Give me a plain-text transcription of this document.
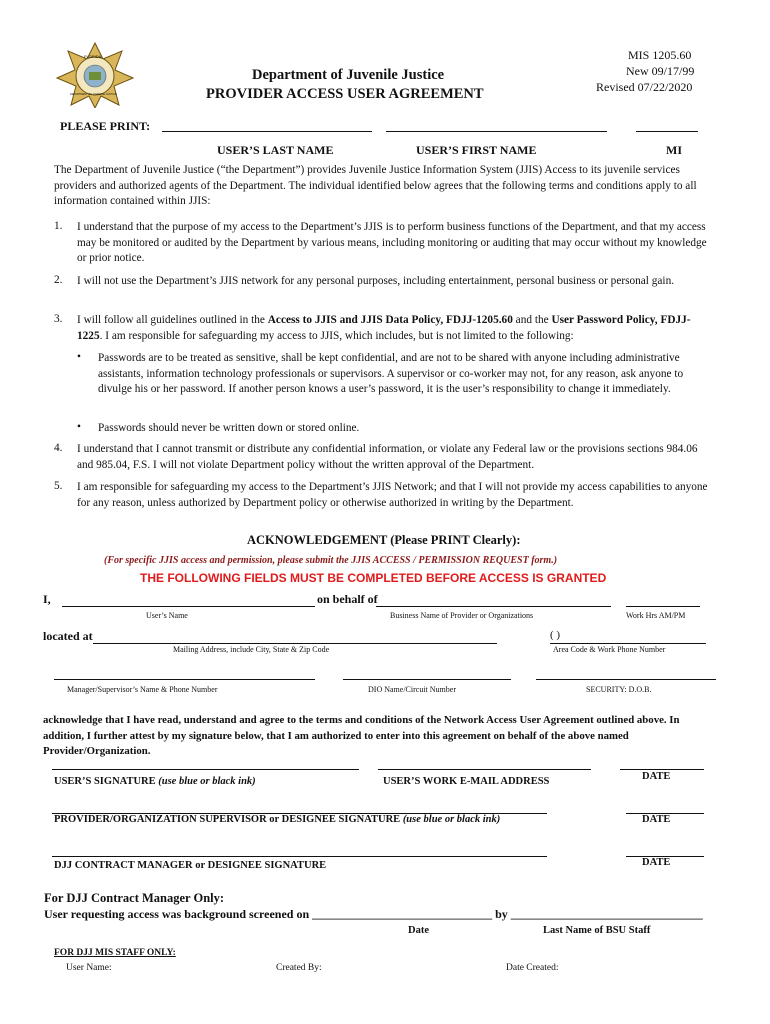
FLORIDA
DEPARTMENT OF JUVENILE JUSTICE
Department of Juvenile Justice
PROVIDER ACCESS USER AGREEMENT
MIS 1205.60
New 09/17/99
Revised 07/22/2020
PLEASE PRINT:
USER’S LAST NAME	USER’S FIRST NAME	MI
The Department of Juvenile Justice (“the Department”) provides Juvenile Justice Information System (JJIS) Access to its juvenile services providers and authorized agents of the Department. The individual identified below agrees that the following terms and conditions apply to all information contained within JJIS:
1. I understand that the purpose of my access to the Department’s JJIS is to perform business functions of the Department, and that my access may be monitored or audited by the Department by various means, including monitoring or auditing that may occur without my knowledge or prior notice.
2. I will not use the Department’s JJIS network for any personal purposes, including entertainment, personal business or personal gain.
3. I will follow all guidelines outlined in the Access to JJIS and JJIS Data Policy, FDJJ-1205.60 and the User Password Policy, FDJJ-1225. I am responsible for safeguarding my access to JJIS, which includes, but is not limited to the following:
• Passwords are to be treated as sensitive, shall be kept confidential, and are not to be shared with anyone including administrative assistants, information technology professionals or supervisors. A supervisor or co-worker may not, for any reason, ask anyone to divulge his or her password. If another person knows a user’s password, it is the user’s responsibility to change it immediately.
• Passwords should never be written down or stored online.
4. I understand that I cannot transmit or distribute any confidential information, or violate any Federal law or the provisions sections 984.06 and 985.04, F.S. I will not violate Department policy without the written approval of the Department.
5. I am responsible for safeguarding my access to the Department’s JJIS Network; and that I will not provide my access capabilities to anyone for any reason, unless authorized by Department policy or otherwise authorized in writing by the Department.
ACKNOWLEDGEMENT (Please PRINT Clearly):
(For specific JJIS access and permission, please submit the JJIS ACCESS / PERMISSION REQUEST form.)
THE FOLLOWING FIELDS MUST BE COMPLETED BEFORE ACCESS IS GRANTED
I,	on behalf of
User’s Name	Business Name of Provider or Organizations	Work Hrs AM/PM
located at	( )
Mailing Address, include City, State & Zip Code	Area Code & Work Phone Number
Manager/Supervisor’s Name & Phone Number	DIO Name/Circuit Number	SECURITY: D.O.B.
acknowledge that I have read, understand and agree to the terms and conditions of the Network Access User Agreement outlined above. In addition, I further attest by my signature below, that I am authorized to enter into this agreement on behalf of the above named Provider/Organization.
USER’S SIGNATURE (use blue or black ink)	USER’S WORK E-MAIL ADDRESS	DATE
PROVIDER/ORGANIZATION SUPERVISOR or DESIGNEE SIGNATURE (use blue or black ink)	DATE
DJJ CONTRACT MANAGER or DESIGNEE SIGNATURE	DATE
For DJJ Contract Manager Only:
User requesting access was background screened on ______________________________ by ________________________________
Date	Last Name of BSU Staff
FOR DJJ MIS STAFF ONLY:
User Name:	Created By:	Date Created:
